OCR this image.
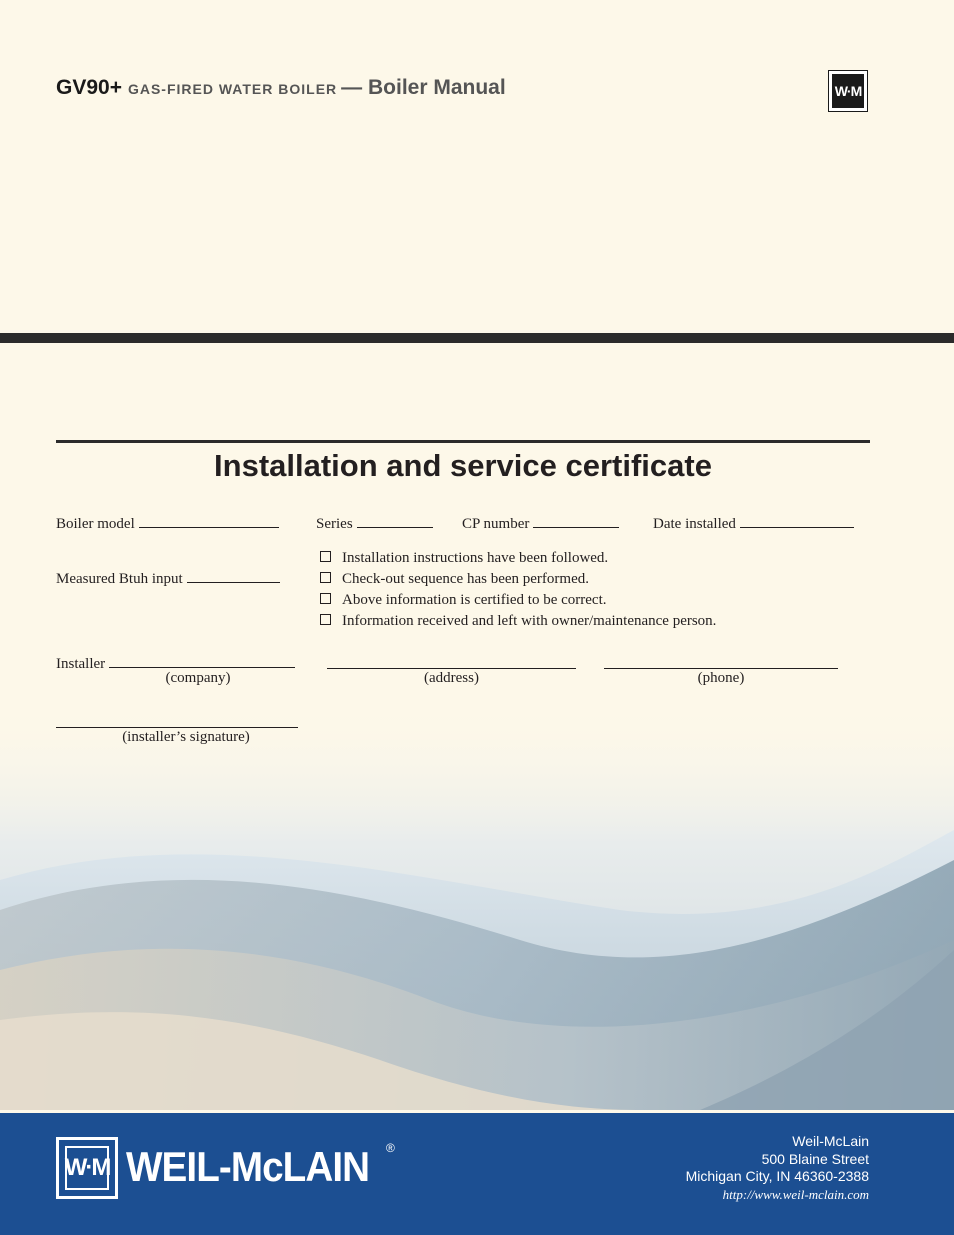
GV90+ GAS-FIRED WATER BOILER — Boiler Manual	W·M
Installation and service certificate
Boiler model	Series	CP number	Date installed
Measured Btuh input
Installation instructions have been followed.
Check-out sequence has been performed.
Above information is certified to be correct.
Information received and left with owner/maintenance person.
Installer
(company)	(address)	(phone)
(installer’s signature)
W·M WEIL-McLAIN ®	Weil-McLain
500 Blaine Street
Michigan City, IN 46360-2388
http://www.weil-mclain.com
